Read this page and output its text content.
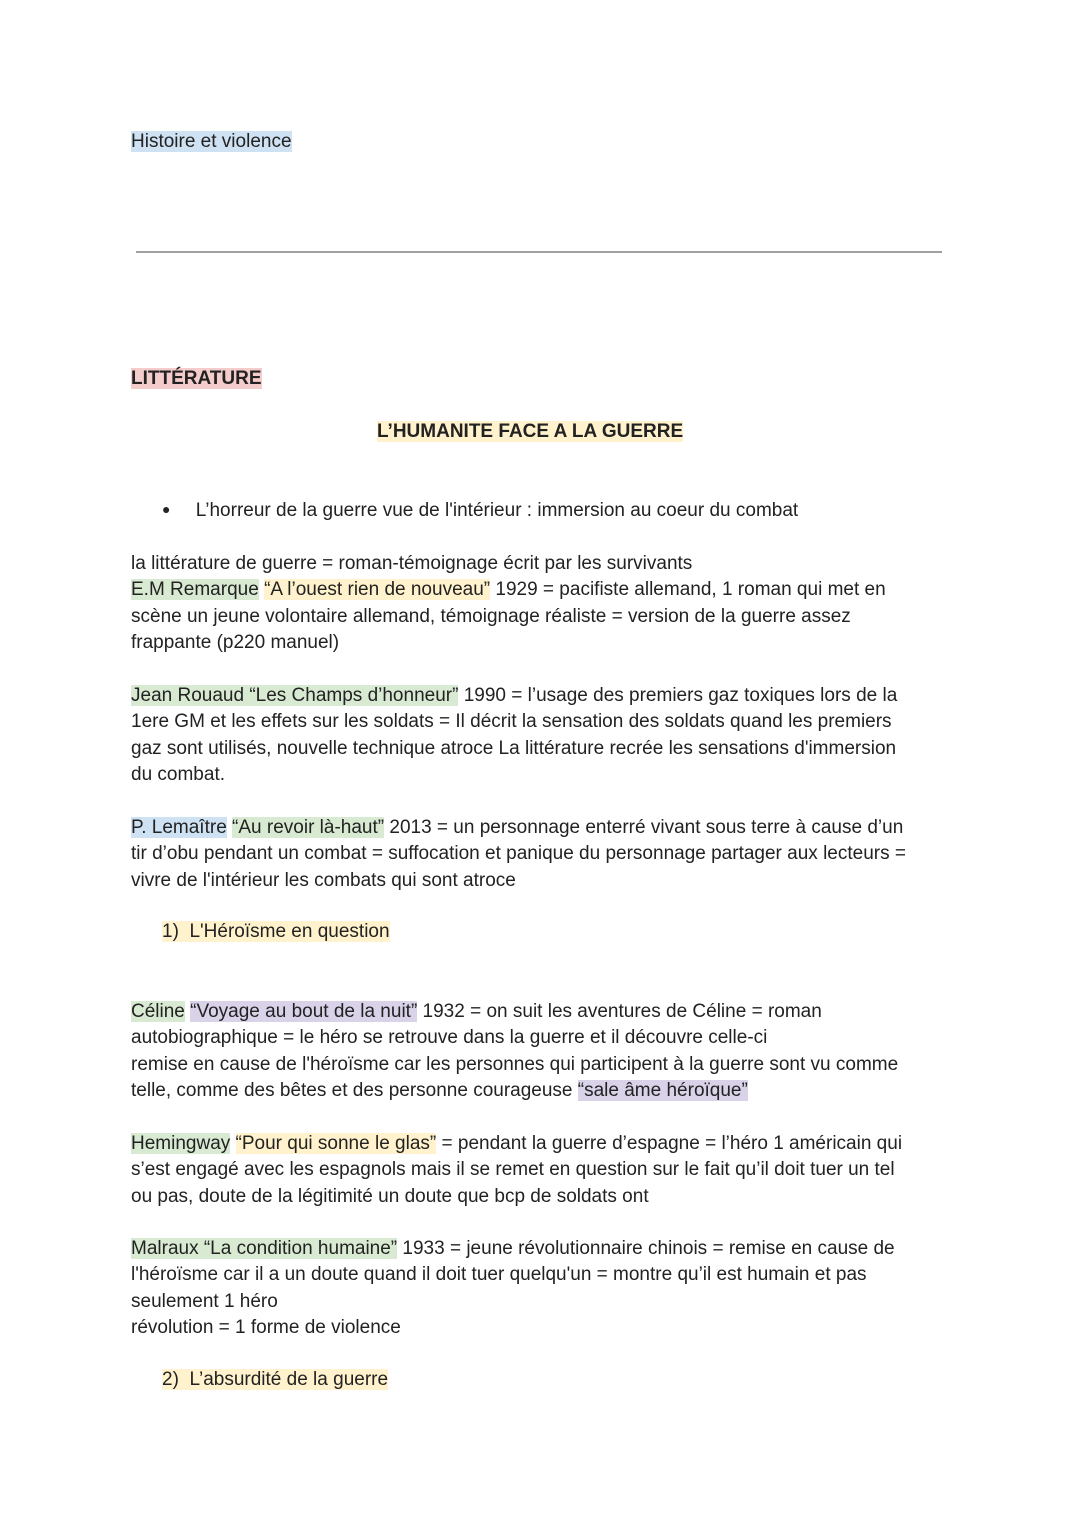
Histoire et violence
LITTÉRATURE
L’HUMANITE FACE A LA GUERRE
● L’horreur de la guerre vue de l'intérieur : immersion au coeur du combat
la littérature de guerre = roman-témoignage écrit par les survivants
E.M Remarque “A l’ouest rien de nouveau” 1929 = pacifiste allemand, 1 roman qui met en
scène un jeune volontaire allemand, témoignage réaliste = version de la guerre assez
frappante (p220 manuel)
Jean Rouaud “Les Champs d’honneur” 1990 = l’usage des premiers gaz toxiques lors de la
1ere GM et les effets sur les soldats = Il décrit la sensation des soldats quand les premiers
gaz sont utilisés, nouvelle technique atroce La littérature recrée les sensations d'immersion
du combat.
P. Lemaître “Au revoir là-haut” 2013 = un personnage enterré vivant sous terre à cause d’un
tir d’obu pendant un combat = suffocation et panique du personnage partager aux lecteurs =
vivre de l'intérieur les combats qui sont atroce
1) L'Héroïsme en question
Céline “Voyage au bout de la nuit” 1932 = on suit les aventures de Céline = roman
autobiographique = le héro se retrouve dans la guerre et il découvre celle-ci
remise en cause de l'héroïsme car les personnes qui participent à la guerre sont vu comme
telle, comme des bêtes et des personne courageuse “sale âme héroïque”
Hemingway “Pour qui sonne le glas” = pendant la guerre d’espagne = l’héro 1 américain qui
s’est engagé avec les espagnols mais il se remet en question sur le fait qu’il doit tuer un tel
ou pas, doute de la légitimité un doute que bcp de soldats ont
Malraux “La condition humaine” 1933 = jeune révolutionnaire chinois = remise en cause de
l'héroïsme car il a un doute quand il doit tuer quelqu'un = montre qu’il est humain et pas
seulement 1 héro
révolution = 1 forme de violence
2) L’absurdité de la guerre
